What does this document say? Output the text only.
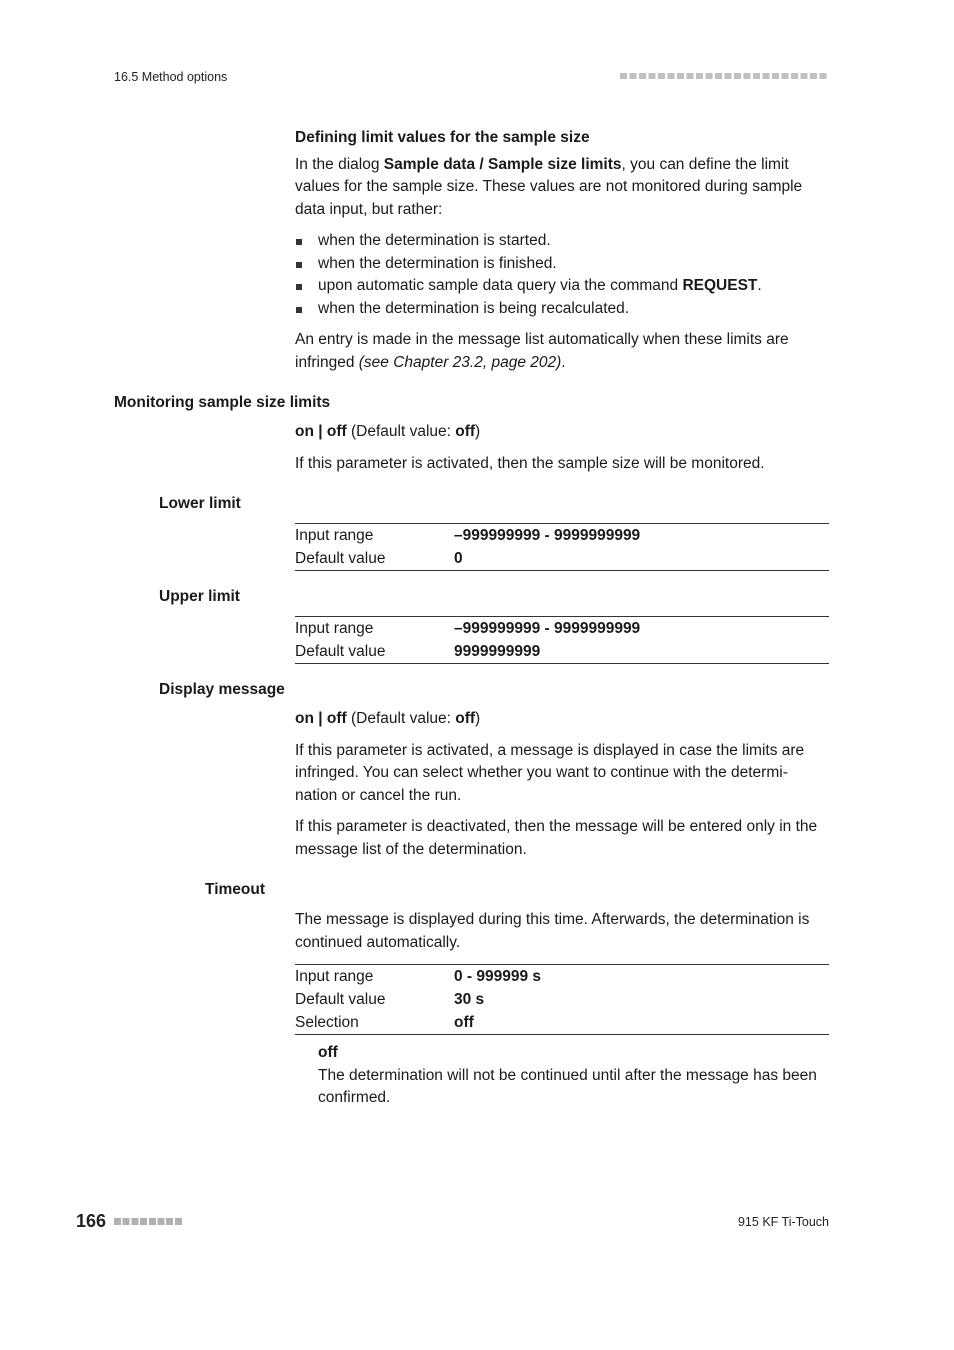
16.5 Method options
Defining limit values for the sample size

In the dialog Sample data / Sample size limits, you can define the limit values for the sample size. These values are not monitored during sample data input, but rather:

when the determination is started.
when the determination is finished.
upon automatic sample data query via the command REQUEST.
when the determination is being recalculated.

An entry is made in the message list automatically when these limits are infringed (see Chapter 23.2, page 202).

Monitoring sample size limits

on | off (Default value: off)

If this parameter is activated, then the sample size will be monitored.

Lower limit
Input range	–999999999 - 9999999999
Default value	0
Upper limit
Input range	–999999999 - 9999999999
Default value	9999999999
Display message

on | off (Default value: off)

If this parameter is activated, a message is displayed in case the limits are infringed. You can select whether you want to continue with the determi-nation or cancel the run.

If this parameter is deactivated, then the message will be entered only in the message list of the determination.

Timeout
The message is displayed during this time. Afterwards, the determination is continued automatically.
Input range	0 - 999999 s
Default value	30 s
Selection	off
off
The determination will not be continued until after the message has been confirmed.
166	915 KF Ti-Touch
